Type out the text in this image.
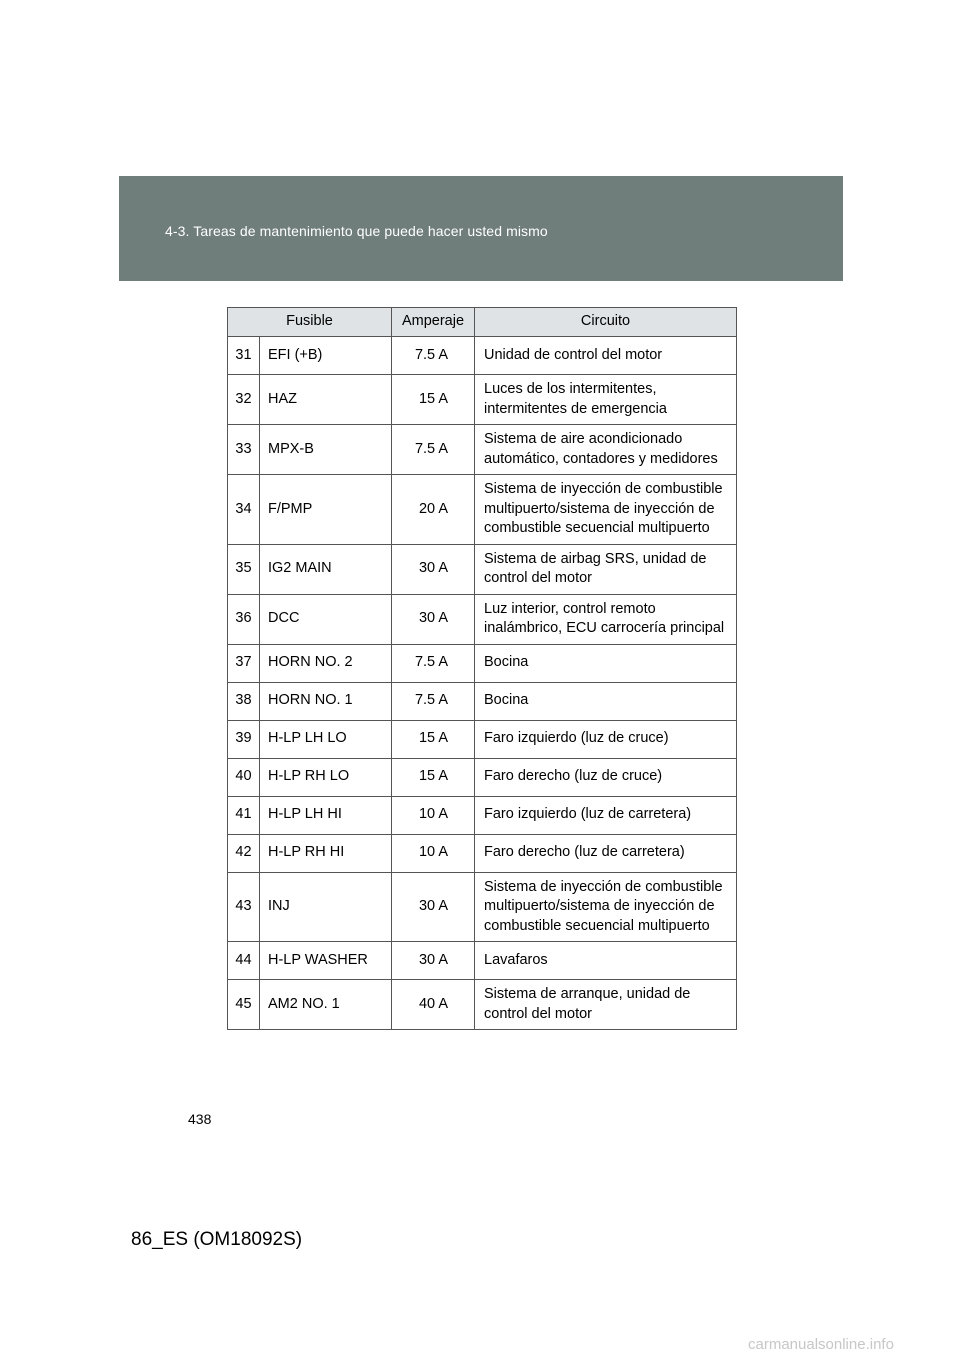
4-3. Tareas de mantenimiento que puede hacer usted mismo
Fusible		Amperaje	Circuito
31	EFI (+B)	7.5 A	Unidad de control del motor
32	HAZ	15 A	Luces de los intermitentes, intermitentes de emergencia
33	MPX-B	7.5 A	Sistema de aire acondicionado automático, contadores y medidores
34	F/PMP	20 A	Sistema de inyección de combustible multipuerto/sistema de inyección de combustible secuencial multipuerto
35	IG2 MAIN	30 A	Sistema de airbag SRS, unidad de control del motor
36	DCC	30 A	Luz interior, control remoto inalámbrico, ECU carrocería principal
37	HORN NO. 2	7.5 A	Bocina
38	HORN NO. 1	7.5 A	Bocina
39	H-LP LH LO	15 A	Faro izquierdo (luz de cruce)
40	H-LP RH LO	15 A	Faro derecho (luz de cruce)
41	H-LP LH HI	10 A	Faro izquierdo (luz de carretera)
42	H-LP RH HI	10 A	Faro derecho (luz de carretera)
43	INJ	30 A	Sistema de inyección de combustible multipuerto/sistema de inyección de combustible secuencial multipuerto
44	H-LP WASHER	30 A	Lavafaros
45	AM2 NO. 1	40 A	Sistema de arranque, unidad de control del motor
438
86_ES (OM18092S)
carmanualsonline.info
